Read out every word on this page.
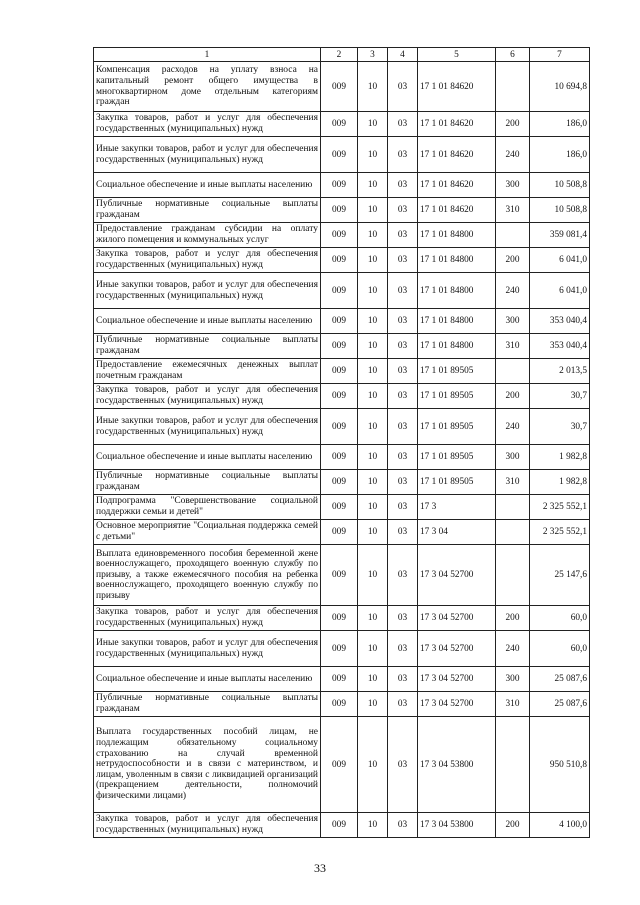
1	2	3	4	5	6	7
Компенсация расходов на уплату взноса на капитальный ремонт общего имущества в многоквартирном доме отдельным категориям граждан	009	10	03	17 1 01 84620		10 694,8
Закупка товаров, работ и услуг для обеспечения государственных (муниципальных) нужд	009	10	03	17 1 01 84620	200	186,0
Иные закупки товаров, работ и услуг для обеспечения государственных (муниципальных) нужд	009	10	03	17 1 01 84620	240	186,0
Социальное обеспечение и иные выплаты населению	009	10	03	17 1 01 84620	300	10 508,8
Публичные нормативные социальные выплаты гражданам	009	10	03	17 1 01 84620	310	10 508,8
Предоставление гражданам субсидии на оплату жилого помещения и коммунальных услуг	009	10	03	17 1 01 84800		359 081,4
Закупка товаров, работ и услуг для обеспечения государственных (муниципальных) нужд	009	10	03	17 1 01 84800	200	6 041,0
Иные закупки товаров, работ и услуг для обеспечения государственных (муниципальных) нужд	009	10	03	17 1 01 84800	240	6 041,0
Социальное обеспечение и иные выплаты населению	009	10	03	17 1 01 84800	300	353 040,4
Публичные нормативные социальные выплаты гражданам	009	10	03	17 1 01 84800	310	353 040,4
Предоставление ежемесячных денежных выплат почетным гражданам	009	10	03	17 1 01 89505		2 013,5
Закупка товаров, работ и услуг для обеспечения государственных (муниципальных) нужд	009	10	03	17 1 01 89505	200	30,7
Иные закупки товаров, работ и услуг для обеспечения государственных (муниципальных) нужд	009	10	03	17 1 01 89505	240	30,7
Социальное обеспечение и иные выплаты населению	009	10	03	17 1 01 89505	300	1 982,8
Публичные нормативные социальные выплаты гражданам	009	10	03	17 1 01 89505	310	1 982,8
Подпрограмма "Совершенствование социальной поддержки семьи и детей"	009	10	03	17 3		2 325 552,1
Основное мероприятие "Социальная поддержка семей с детьми"	009	10	03	17 3 04		2 325 552,1
Выплата единовременного пособия беременной жене военнослужащего, проходящего военную службу по призыву, а также ежемесячного пособия на ребенка военнослужащего, проходящего военную службу по призыву	009	10	03	17 3 04 52700		25 147,6
Закупка товаров, работ и услуг для обеспечения государственных (муниципальных) нужд	009	10	03	17 3 04 52700	200	60,0
Иные закупки товаров, работ и услуг для обеспечения государственных (муниципальных) нужд	009	10	03	17 3 04 52700	240	60,0
Социальное обеспечение и иные выплаты населению	009	10	03	17 3 04 52700	300	25 087,6
Публичные нормативные социальные выплаты гражданам	009	10	03	17 3 04 52700	310	25 087,6
Выплата государственных пособий лицам, не подлежащим обязательному социальному страхованию на случай временной нетрудоспособности и в связи с материнством, и лицам, уволенным в связи с ликвидацией организаций (прекращением деятельности, полномочий физическими лицами)	009	10	03	17 3 04 53800		950 510,8
Закупка товаров, работ и услуг для обеспечения государственных (муниципальных) нужд	009	10	03	17 3 04 53800	200	4 100,0
33
